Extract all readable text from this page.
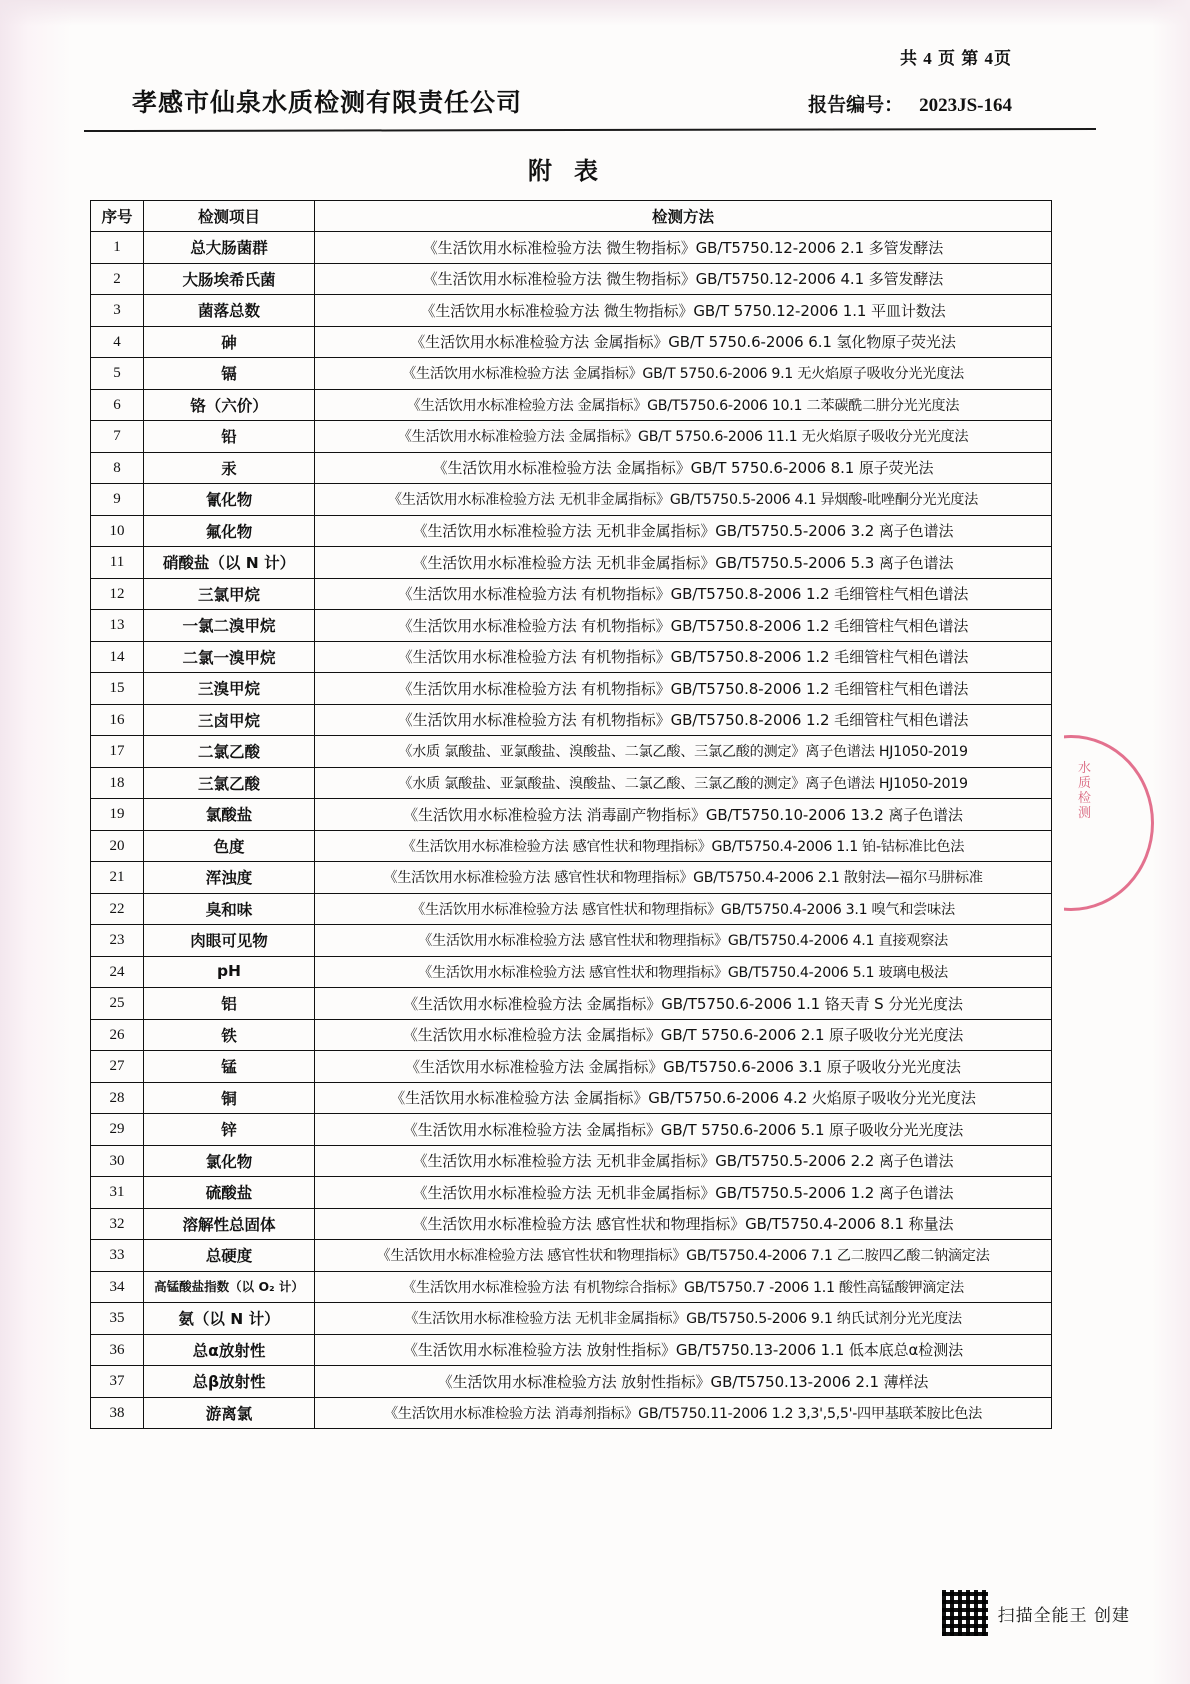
共 4 页 第 4页
孝感市仙泉水质检测有限责任公司	报告编号： 2023JS-164
附表
序号	检测项目	检测方法
1	总大肠菌群	《生活饮用水标准检验方法 微生物指标》GB/T5750.12-2006 2.1 多管发酵法
2	大肠埃希氏菌	《生活饮用水标准检验方法 微生物指标》GB/T5750.12-2006 4.1 多管发酵法
3	菌落总数	《生活饮用水标准检验方法 微生物指标》GB/T 5750.12-2006 1.1 平皿计数法
4	砷	《生活饮用水标准检验方法 金属指标》GB/T 5750.6-2006 6.1 氢化物原子荧光法
5	镉	《生活饮用水标准检验方法 金属指标》GB/T 5750.6-2006 9.1 无火焰原子吸收分光光度法
6	铬（六价）	《生活饮用水标准检验方法 金属指标》GB/T5750.6-2006 10.1 二苯碳酰二肼分光光度法
7	铅	《生活饮用水标准检验方法 金属指标》GB/T 5750.6-2006 11.1 无火焰原子吸收分光光度法
8	汞	《生活饮用水标准检验方法 金属指标》GB/T 5750.6-2006 8.1 原子荧光法
9	氰化物	《生活饮用水标准检验方法 无机非金属指标》GB/T5750.5-2006 4.1 异烟酸-吡唑酮分光光度法
10	氟化物	《生活饮用水标准检验方法 无机非金属指标》GB/T5750.5-2006 3.2 离子色谱法
11	硝酸盐（以 N 计）	《生活饮用水标准检验方法 无机非金属指标》GB/T5750.5-2006 5.3 离子色谱法
12	三氯甲烷	《生活饮用水标准检验方法 有机物指标》GB/T5750.8-2006 1.2 毛细管柱气相色谱法
13	一氯二溴甲烷	《生活饮用水标准检验方法 有机物指标》GB/T5750.8-2006 1.2 毛细管柱气相色谱法
14	二氯一溴甲烷	《生活饮用水标准检验方法 有机物指标》GB/T5750.8-2006 1.2 毛细管柱气相色谱法
15	三溴甲烷	《生活饮用水标准检验方法 有机物指标》GB/T5750.8-2006 1.2 毛细管柱气相色谱法
16	三卤甲烷	《生活饮用水标准检验方法 有机物指标》GB/T5750.8-2006 1.2 毛细管柱气相色谱法
17	二氯乙酸	《水质 氯酸盐、亚氯酸盐、溴酸盐、二氯乙酸、三氯乙酸的测定》离子色谱法 HJ1050-2019
18	三氯乙酸	《水质 氯酸盐、亚氯酸盐、溴酸盐、二氯乙酸、三氯乙酸的测定》离子色谱法 HJ1050-2019
19	氯酸盐	《生活饮用水标准检验方法 消毒副产物指标》GB/T5750.10-2006 13.2 离子色谱法
20	色度	《生活饮用水标准检验方法 感官性状和物理指标》GB/T5750.4-2006 1.1 铂-钴标准比色法
21	浑浊度	《生活饮用水标准检验方法 感官性状和物理指标》GB/T5750.4-2006 2.1 散射法—福尔马肼标准
22	臭和味	《生活饮用水标准检验方法 感官性状和物理指标》GB/T5750.4-2006 3.1 嗅气和尝味法
23	肉眼可见物	《生活饮用水标准检验方法 感官性状和物理指标》GB/T5750.4-2006 4.1 直接观察法
24	pH	《生活饮用水标准检验方法 感官性状和物理指标》GB/T5750.4-2006 5.1 玻璃电极法
25	铝	《生活饮用水标准检验方法 金属指标》GB/T5750.6-2006 1.1 铬天青 S 分光光度法
26	铁	《生活饮用水标准检验方法 金属指标》GB/T 5750.6-2006 2.1 原子吸收分光光度法
27	锰	《生活饮用水标准检验方法 金属指标》GB/T5750.6-2006 3.1 原子吸收分光光度法
28	铜	《生活饮用水标准检验方法 金属指标》GB/T5750.6-2006 4.2 火焰原子吸收分光光度法
29	锌	《生活饮用水标准检验方法 金属指标》GB/T 5750.6-2006 5.1 原子吸收分光光度法
30	氯化物	《生活饮用水标准检验方法 无机非金属指标》GB/T5750.5-2006 2.2 离子色谱法
31	硫酸盐	《生活饮用水标准检验方法 无机非金属指标》GB/T5750.5-2006 1.2 离子色谱法
32	溶解性总固体	《生活饮用水标准检验方法 感官性状和物理指标》GB/T5750.4-2006 8.1 称量法
33	总硬度	《生活饮用水标准检验方法 感官性状和物理指标》GB/T5750.4-2006 7.1 乙二胺四乙酸二钠滴定法
34	高锰酸盐指数（以 O₂ 计）	《生活饮用水标准检验方法 有机物综合指标》GB/T5750.7 -2006 1.1 酸性高锰酸钾滴定法
35	氨（以 N 计）	《生活饮用水标准检验方法 无机非金属指标》GB/T5750.5-2006 9.1 纳氏试剂分光光度法
36	总α放射性	《生活饮用水标准检验方法 放射性指标》GB/T5750.13-2006 1.1 低本底总α检测法
37	总β放射性	《生活饮用水标准检验方法 放射性指标》GB/T5750.13-2006 2.1 薄样法
38	游离氯	《生活饮用水标准检验方法 消毒剂指标》GB/T5750.11-2006 1.2 3,3',5,5'-四甲基联苯胺比色法
水质检测
扫描全能王 创建
